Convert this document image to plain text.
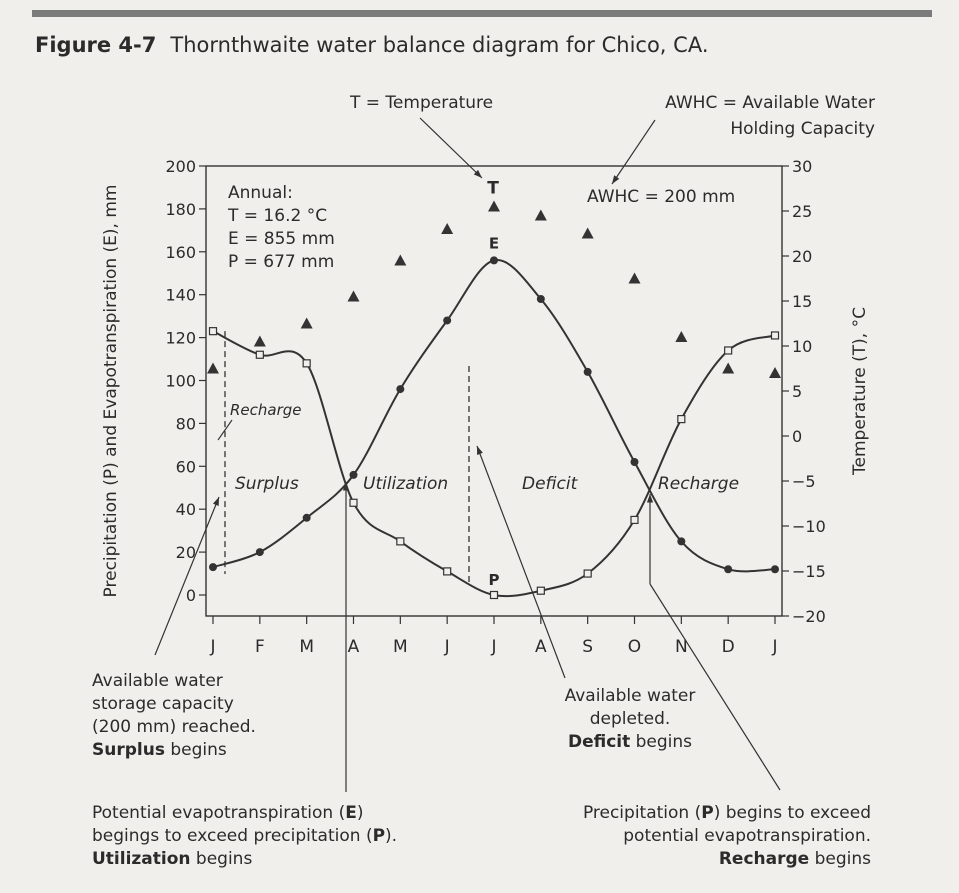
Figure 4-7 Thornthwaite water balance diagram for Chico, CA.
200
180
160
140
120
100
80
60
40
20
0
30
25
20
15
10
5
0
−5
−10
−15
−20
J F M A M J J A S O N D J
Precipitation (P) and Evapotranspiration (E), mm	Temperature (T), °C
T
E
P
Recharge
Surplus	Utilization	Deficit	Recharge
Annual:
T = 16.2 °C
E = 855 mm
P = 677 mm
AWHC = 200 mm
T = Temperature	AWHC = Available Water
Holding Capacity
Available water
storage capacity
(200 mm) reached.
Surplus begins
Available water
depleted.
Deficit begins
Potential evapotranspiration (E)
begings to exceed precipitation (P).
Utilization begins
Precipitation (P) begins to exceed
potential evapotranspiration.
Recharge begins
